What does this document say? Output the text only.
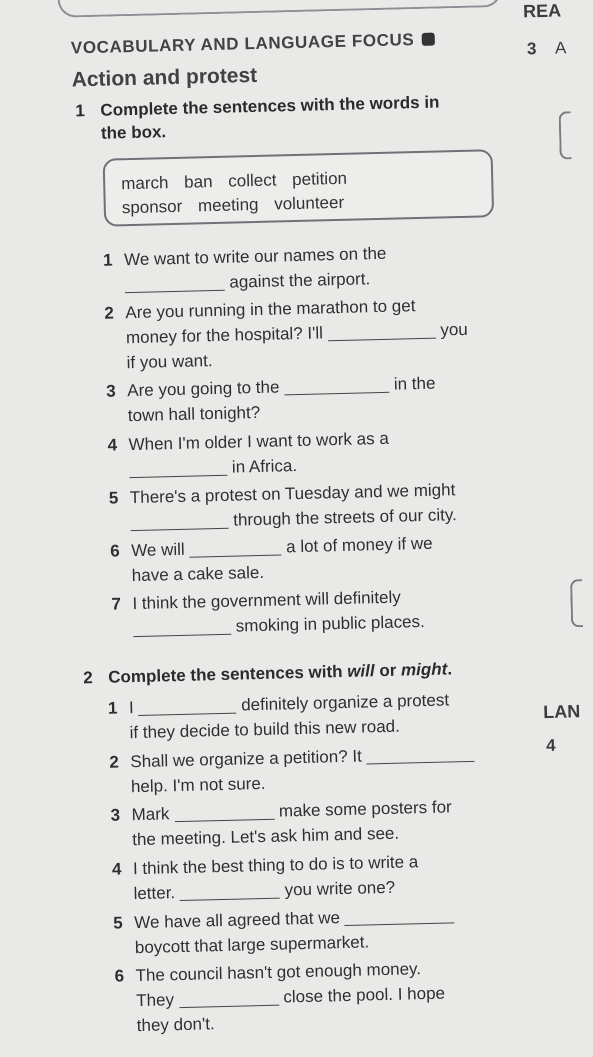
VOCABULARY AND LANGUAGE FOCUS
Action and protest
REA
3 A
LAN
4
1 Complete the sentences with the words in
the box.
march ban collect petition
sponsor meeting volunteer
1 We want to write our names on the
against the airport.
2 Are you running in the marathon to get
money for the hospital? I'll	you
if you want.
3 Are you going to the	in the
town hall tonight?
4 When I'm older I want to work as a
in Africa.
5 There's a protest on Tuesday and we might
through the streets of our city.
6 We will	a lot of money if we
have a cake sale.
7 I think the government will definitely
smoking in public places.
2 Complete the sentences with will or might.
1 I	definitely organize a protest
if they decide to build this new road.
2 Shall we organize a petition? It
help. I'm not sure.
3 Mark	make some posters for
the meeting. Let's ask him and see.
4 I think the best thing to do is to write a
letter.	you write one?
5 We have all agreed that we
boycott that large supermarket.
6 The council hasn't got enough money.
They	close the pool. I hope
they don't.
